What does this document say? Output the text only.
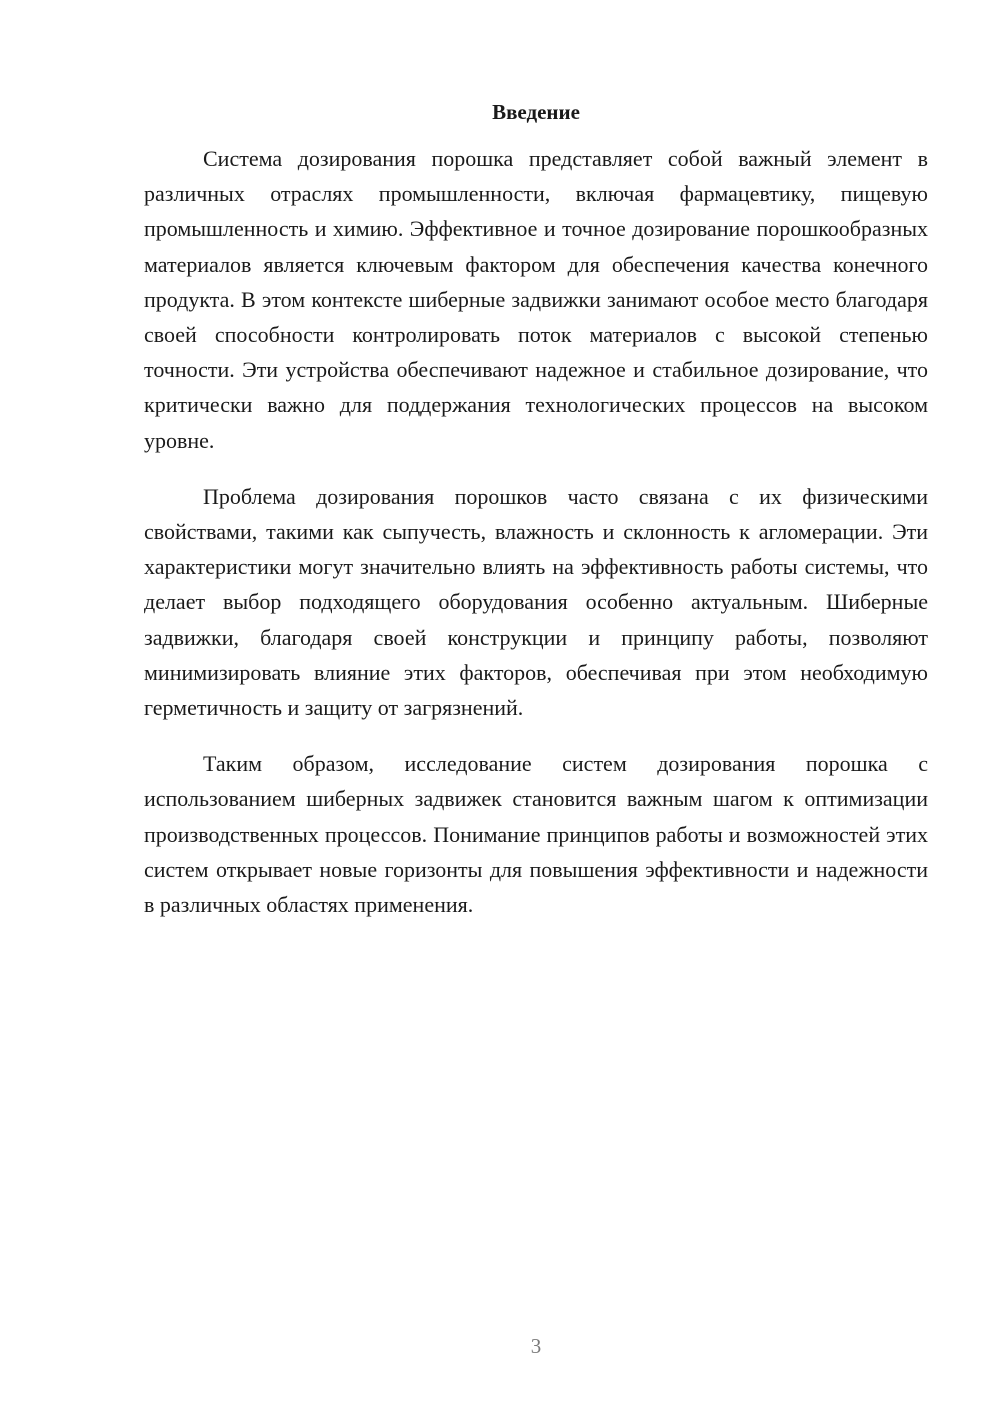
Введение

Система дозирования порошка представляет собой важный элемент в различных отраслях промышленности, включая фармацевтику, пищевую промышленность и химию. Эффективное и точное дозирование порошкообразных материалов является ключевым фактором для обеспечения качества конечного продукта. В этом контексте шиберные задвижки занимают особое место благодаря своей способности контролировать поток материалов с высокой степенью точности. Эти устройства обеспечивают надежное и стабильное дозирование, что критически важно для поддержания технологических процессов на высоком уровне.

Проблема дозирования порошков часто связана с их физическими свойствами, такими как сыпучесть, влажность и склонность к агломерации. Эти характеристики могут значительно влиять на эффективность работы системы, что делает выбор подходящего оборудования особенно актуальным. Шиберные задвижки, благодаря своей конструкции и принципу работы, позволяют минимизировать влияние этих факторов, обеспечивая при этом необходимую герметичность и защиту от загрязнений.

Таким образом, исследование систем дозирования порошка с использованием шиберных задвижек становится важным шагом к оптимизации производственных процессов. Понимание принципов работы и возможностей этих систем открывает новые горизонты для повышения эффективности и надежности в различных областях применения.

3
